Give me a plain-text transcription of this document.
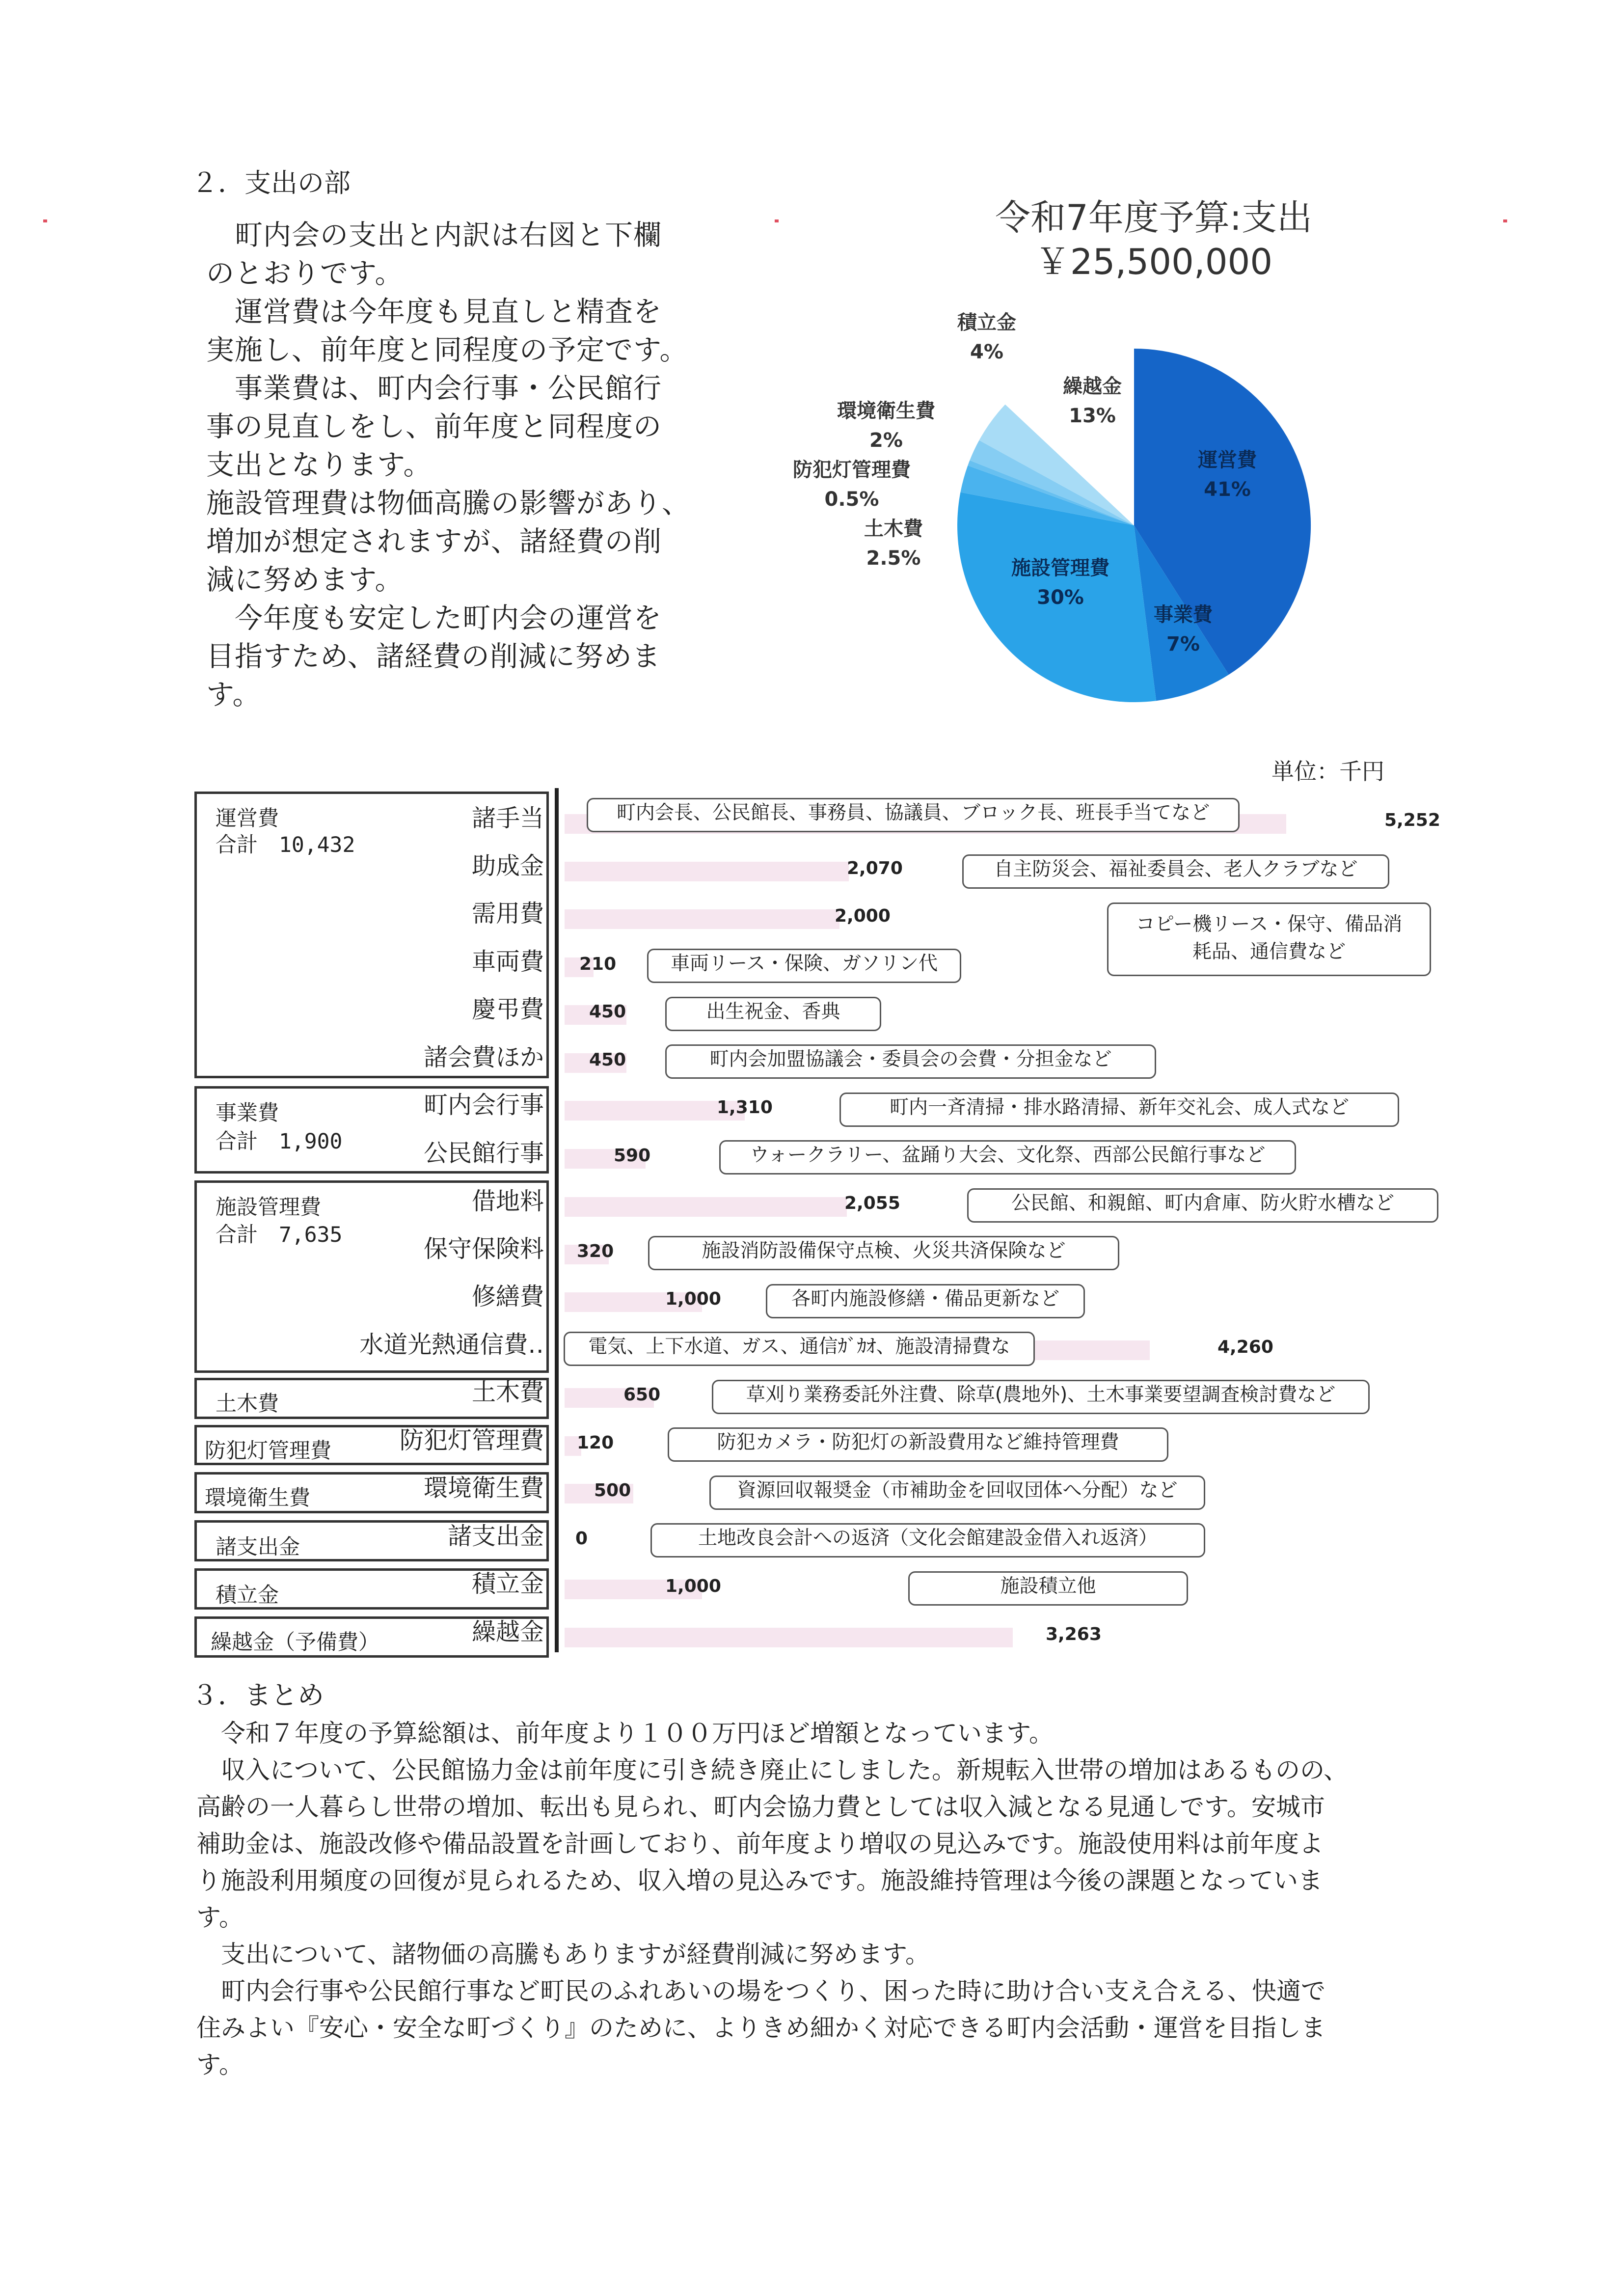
２．支出の部
　町内会の支出と内訳は右図と下欄
のとおりです。
　運営費は今年度も見直しと精査を
実施し、前年度と同程度の予定です。
　事業費は、町内会行事・公民館行
事の見直しをし、前年度と同程度の
支出となります。
施設管理費は物価高騰の影響があり、
増加が想定されますが、諸経費の削
減に努めます。
　今年度も安定した町内会の運営を
目指すため、諸経費の削減に努めま
す。
令和7年度予算:支出
￥25,500,000
運営費
41%
事業費
7%
施設管理費
30%
土木費
2.5%
防犯灯管理費
0.5%
環境衛生費
2%
積立金
4%
繰越金
13%
単位：千円
運営費
合計　10,432
事業費
合計　1,900
施設管理費
合計　7,635
土木費
防犯灯管理費
環境衛生費
諸支出金
積立金
繰越金（予備費）
諸手当
助成金
需用費
車両費
慶弔費
諸会費ほか
町内会行事
公民館行事
借地料
保守保険料
修繕費
水道光熱通信費‥
土木費
防犯灯管理費
環境衛生費
諸支出金
積立金
繰越金
5,252
2,070
2,000
210
450
450
1,310
590
2,055
320
1,000
4,260
650
120
500
0
1,000
3,263
町内会長、公民館長、事務員、協議員、ブロック長、班長手当てなど
自主防災会、福祉委員会、老人クラブなど
コピー機リース・保守、備品消
耗品、通信費など
車両リース・保険、ガソリン代
出生祝金、香典
町内会加盟協議会・委員会の会費・分担金など
町内一斉清掃・排水路清掃、新年交礼会、成人式など
ウォークラリー、盆踊り大会、文化祭、西部公民館行事など
公民館、和親館、町内倉庫、防火貯水槽など
施設消防設備保守点検、火災共済保険など
各町内施設修繕・備品更新など
電気、上下水道、ガス、通信ｶﾞｶｵ、施設清掃費な
草刈り業務委託外注費、除草(農地外)、土木事業要望調査検討費など
防犯カメラ・防犯灯の新設費用など維持管理費
資源回収報奨金（市補助金を回収団体へ分配）など
土地改良会計への返済（文化会館建設金借入れ返済）
施設積立他
３．まとめ
　令和７年度の予算総額は、前年度より１００万円ほど増額となっています。
　収入について、公民館協力金は前年度に引き続き廃止にしました。新規転入世帯の増加はあるものの、
高齢の一人暮らし世帯の増加、転出も見られ、町内会協力費としては収入減となる見通しです。安城市
補助金は、施設改修や備品設置を計画しており、前年度より増収の見込みです。施設使用料は前年度よ
り施設利用頻度の回復が見られるため、収入増の見込みです。施設維持管理は今後の課題となっていま
す。
　支出について、諸物価の高騰もありますが経費削減に努めます。
　町内会行事や公民館行事など町民のふれあいの場をつくり、困った時に助け合い支え合える、快適で
住みよい『安心・安全な町づくり』のために、よりきめ細かく対応できる町内会活動・運営を目指しま
す。
